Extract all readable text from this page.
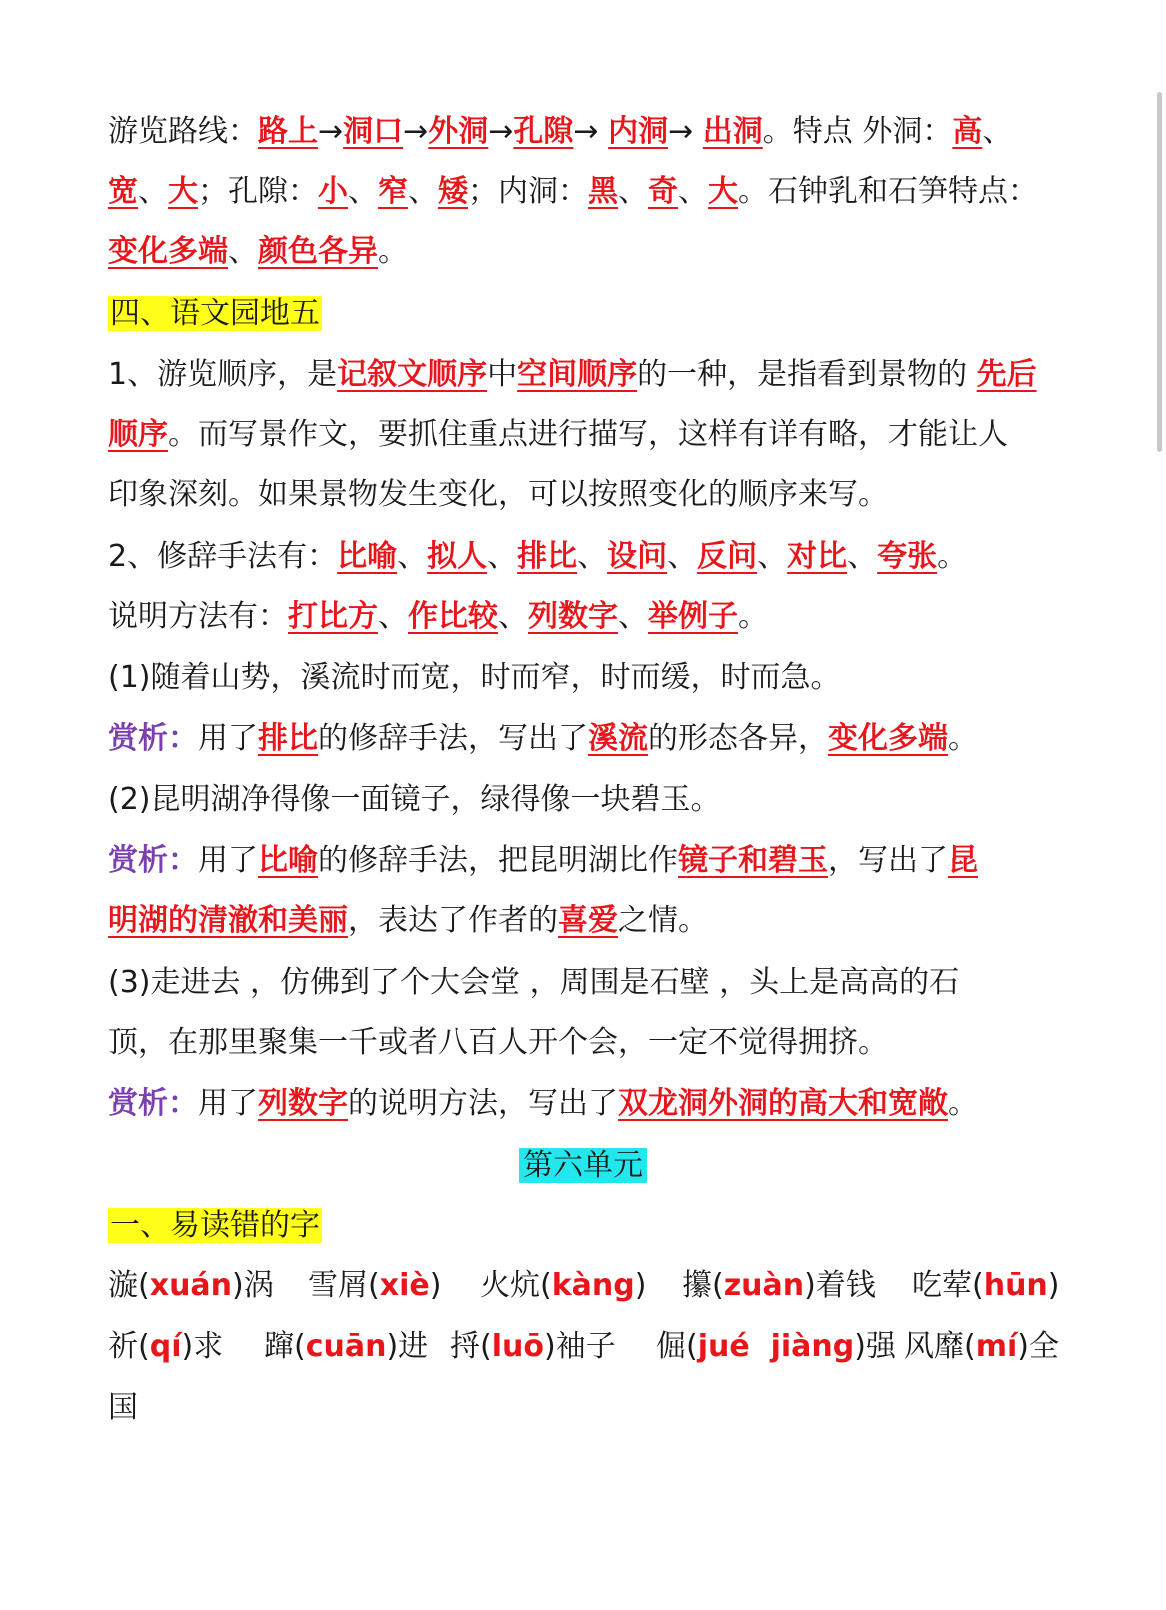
游览路线：路上→洞口→外洞→孔隙→ 内洞→ 出洞。特点 外洞：高、
宽、大；孔隙：小、窄、矮；内洞：黑、奇、大。石钟乳和石笋特点：
变化多端、颜色各异。
四、语文园地五
1、游览顺序，是记叙文顺序中空间顺序的一种，是指看到景物的 先后
顺序。而写景作文，要抓住重点进行描写，这样有详有略，才能让人
印象深刻。如果景物发生变化，可以按照变化的顺序来写。
2、修辞手法有：比喻、拟人、排比、设问、反问、对比、夸张。
说明方法有：打比方、作比较、列数字、举例子。
(1)随着山势，溪流时而宽，时而窄，时而缓，时而急。
赏析：用了排比的修辞手法，写出了溪流的形态各异，变化多端。
(2)昆明湖净得像一面镜子，绿得像一块碧玉。
赏析：用了比喻的修辞手法，把昆明湖比作镜子和碧玉，写出了昆
明湖的清澈和美丽，表达了作者的喜爱之情。
(3)走进去 ，仿佛到了个大会堂 ，周围是石壁 ，头上是高高的石
顶，在那里聚集一千或者八百人开个会，一定不觉得拥挤。
赏析：用了列数字的说明方法，写出了双龙洞外洞的高大和宽敞。
第六单元
一、易读错的字
漩(xuán)涡 雪屑(xiè) 火炕(kàng) 攥(zuàn)着钱 吃荤(hūn)
祈(qí)求 蹿(cuān)进 捋(luō)袖子 倔(jué  jiàng)强 风靡(mí)全
国
